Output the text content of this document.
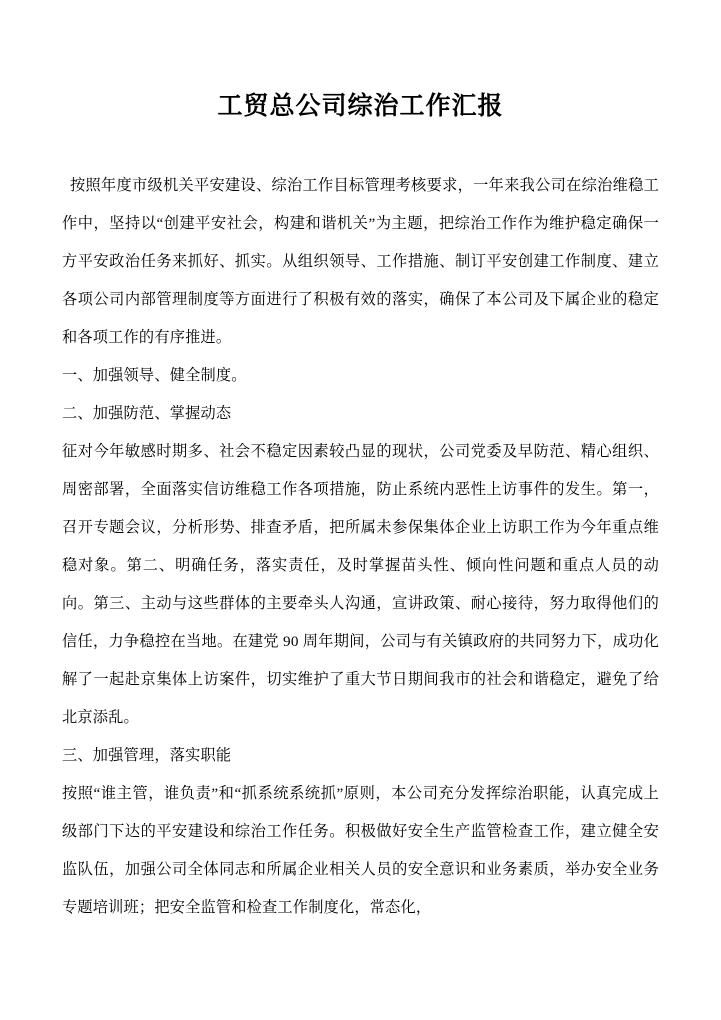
工贸总公司综治工作汇报

按照年度市级机关平安建设、综治工作目标管理考核要求，一年来我公司在综治维稳工作中，坚持以“创建平安社会，构建和谐机关”为主题，把综治工作作为维护稳定确保一方平安政治任务来抓好、抓实。从组织领导、工作措施、制订平安创建工作制度、建立各项公司内部管理制度等方面进行了积极有效的落实，确保了本公司及下属企业的稳定和各项工作的有序推进。

一、加强领导、健全制度。

二、加强防范、掌握动态

征对今年敏感时期多、社会不稳定因素较凸显的现状，公司党委及早防范、精心组织、周密部署，全面落实信访维稳工作各项措施，防止系统内恶性上访事件的发生。第一，召开专题会议，分析形势、排查矛盾，把所属未参保集体企业上访职工作为今年重点维稳对象。第二、明确任务，落实责任，及时掌握苗头性、倾向性问题和重点人员的动向。第三、主动与这些群体的主要牵头人沟通，宣讲政策、耐心接待，努力取得他们的信任，力争稳控在当地。在建党 90 周年期间，公司与有关镇政府的共同努力下，成功化解了一起赴京集体上访案件，切实维护了重大节日期间我市的社会和谐稳定，避免了给北京添乱。

三、加强管理，落实职能

按照“谁主管，谁负责”和“抓系统系统抓”原则，本公司充分发挥综治职能，认真完成上级部门下达的平安建设和综治工作任务。积极做好安全生产监管检查工作，建立健全安监队伍，加强公司全体同志和所属企业相关人员的安全意识和业务素质，举办安全业务专题培训班；把安全监管和检查工作制度化，常态化，
